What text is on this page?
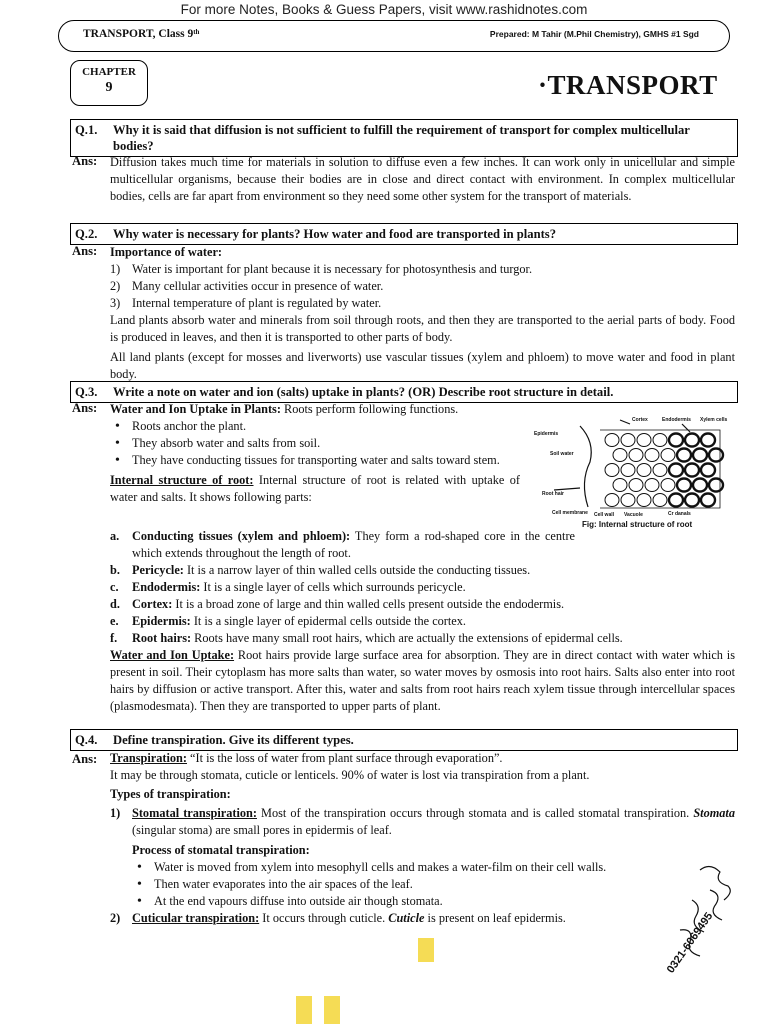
For more Notes, Books & Guess Papers, visit www.rashidnotes.com
TRANSPORT, Class 9ᵗʰ	Prepared: M Tahir (M.Phil Chemistry), GMHS #1 Sgd
CHAPTER
9	·TRANSPORT
Q.1. Why it is said that diffusion is not sufficient to fulfill the requirement of transport for complex multicellular bodies?
Ans: Diffusion takes much time for materials in solution to diffuse even a few inches. It can work only in unicellular and simple multicellular organisms, because their bodies are in close and direct contact with environment. In complex multicellular bodies, cells are far apart from environment so they need some other system for the transport of materials.
Q.2. Why water is necessary for plants? How water and food are transported in plants?
Ans: Importance of water:
1) Water is important for plant because it is necessary for photosynthesis and turgor.
2) Many cellular activities occur in presence of water.
3) Internal temperature of plant is regulated by water.
Land plants absorb water and minerals from soil through roots, and then they are transported to the aerial parts of body. Food is produced in leaves, and then it is transported to other parts of body.
All land plants (except for mosses and liverworts) use vascular tissues (xylem and phloem) to move water and food in plant body.
Q.3. Write a note on water and ion (salts) uptake in plants? (OR) Describe root structure in detail.
Ans: Water and Ion Uptake in Plants: Roots perform following functions.
• Roots anchor the plant.
• They absorb water and salts from soil.
• They have conducting tissues for transporting water and salts toward stem.
Internal structure of root: Internal structure of root is related with uptake of water and salts. It shows following parts:
a. Conducting tissues (xylem and phloem): They form a rod-shaped core in the centre which extends throughout the length of root.
b. Pericycle: It is a narrow layer of thin walled cells outside the conducting tissues.
c. Endodermis: It is a single layer of cells which surrounds pericycle.
d. Cortex: It is a broad zone of large and thin walled cells present outside the endodermis.
e. Epidermis: It is a single layer of epidermal cells outside the cortex.
f. Root hairs: Roots have many small root hairs, which are actually the extensions of epidermal cells.
Water and Ion Uptake: Root hairs provide large surface area for absorption. They are in direct contact with water which is present in soil. Their cytoplasm has more salts than water, so water moves by osmosis into root hairs. Salts also enter into root hairs by diffusion or active transport. After this, water and salts from root hairs reach xylem tissue through intercellular spaces (plasmodesmata). Then they are transported to upper parts of plant.
Cortex	Endodermis Xylem cells
Epidermis
Soil water
Root hair
Cell membrane Cell wall Vacuole	Cr danals
Fig: Internal structure of root
Q.4. Define transpiration. Give its different types.
Ans: Transpiration: “It is the loss of water from plant surface through evaporation”.
It may be through stomata, cuticle or lenticels. 90% of water is lost via transpiration from a plant.
Types of transpiration:
1) Stomatal transpiration: Most of the transpiration occurs through stomata and is called stomatal transpiration. Stomata (singular stoma) are small pores in epidermis of leaf.
Process of stomatal transpiration:
• Water is moved from xylem into mesophyll cells and makes a water-film on their cell walls.
• Then water evaporates into the air spaces of the leaf.
• At the end vapours diffuse into outside air though stomata.
2) Cuticular transpiration: It occurs through cuticle. Cuticle is present on leaf epidermis.	0321-6069495
